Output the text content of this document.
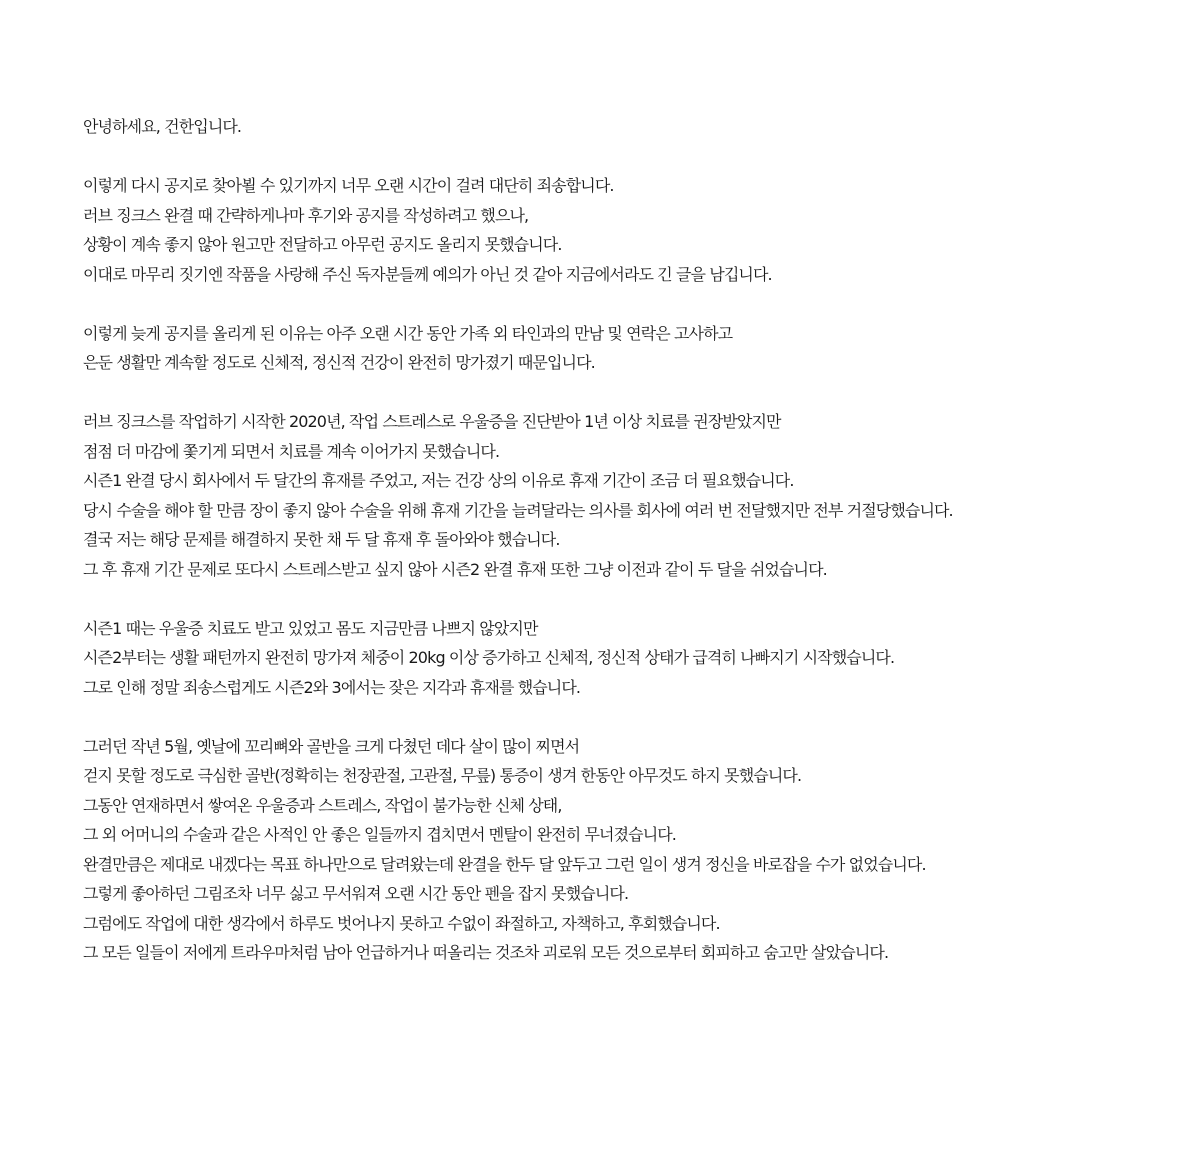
안녕하세요, 건한입니다.

이렇게 다시 공지로 찾아뵐 수 있기까지 너무 오랜 시간이 걸려 대단히 죄송합니다.
러브 징크스 완결 때 간략하게나마 후기와 공지를 작성하려고 했으나,
상황이 계속 좋지 않아 원고만 전달하고 아무런 공지도 올리지 못했습니다.
이대로 마무리 짓기엔 작품을 사랑해 주신 독자분들께 예의가 아닌 것 같아 지금에서라도 긴 글을 남깁니다.

이렇게 늦게 공지를 올리게 된 이유는 아주 오랜 시간 동안 가족 외 타인과의 만남 및 연락은 고사하고
은둔 생활만 계속할 정도로 신체적, 정신적 건강이 완전히 망가졌기 때문입니다.

러브 징크스를 작업하기 시작한 2020년, 작업 스트레스로 우울증을 진단받아 1년 이상 치료를 권장받았지만
점점 더 마감에 쫓기게 되면서 치료를 계속 이어가지 못했습니다.
시즌1 완결 당시 회사에서 두 달간의 휴재를 주었고, 저는 건강 상의 이유로 휴재 기간이 조금 더 필요했습니다.
당시 수술을 해야 할 만큼 장이 좋지 않아 수술을 위해 휴재 기간을 늘려달라는 의사를 회사에 여러 번 전달했지만 전부 거절당했습니다.
결국 저는 해당 문제를 해결하지 못한 채 두 달 휴재 후 돌아와야 했습니다.
그 후 휴재 기간 문제로 또다시 스트레스받고 싶지 않아 시즌2 완결 휴재 또한 그냥 이전과 같이 두 달을 쉬었습니다.

시즌1 때는 우울증 치료도 받고 있었고 몸도 지금만큼 나쁘지 않았지만
시즌2부터는 생활 패턴까지 완전히 망가져 체중이 20kg 이상 증가하고 신체적, 정신적 상태가 급격히 나빠지기 시작했습니다.
그로 인해 정말 죄송스럽게도 시즌2와 3에서는 잦은 지각과 휴재를 했습니다.

그러던 작년 5월, 옛날에 꼬리뼈와 골반을 크게 다쳤던 데다 살이 많이 찌면서
걷지 못할 정도로 극심한 골반(정확히는 천장관절, 고관절, 무릎) 통증이 생겨 한동안 아무것도 하지 못했습니다.
그동안 연재하면서 쌓여온 우울증과 스트레스, 작업이 불가능한 신체 상태,
그 외 어머니의 수술과 같은 사적인 안 좋은 일들까지 겹치면서 멘탈이 완전히 무너졌습니다.
완결만큼은 제대로 내겠다는 목표 하나만으로 달려왔는데 완결을 한두 달 앞두고 그런 일이 생겨 정신을 바로잡을 수가 없었습니다.
그렇게 좋아하던 그림조차 너무 싫고 무서워져 오랜 시간 동안 펜을 잡지 못했습니다.
그럼에도 작업에 대한 생각에서 하루도 벗어나지 못하고 수없이 좌절하고, 자책하고, 후회했습니다.
그 모든 일들이 저에게 트라우마처럼 남아 언급하거나 떠올리는 것조차 괴로워 모든 것으로부터 회피하고 숨고만 살았습니다.
